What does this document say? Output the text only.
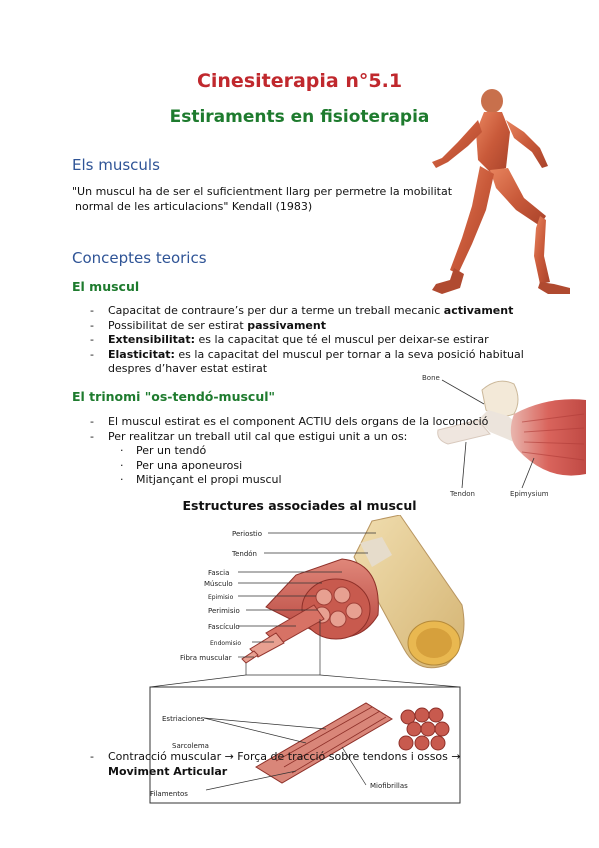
Cinesiterapia n°5.1
Estiraments en fisioterapia
Els musculs
"Un muscul ha de ser el suficientment llarg per permetre la mobilitat
normal de les articulacions" Kendall (1983)
Conceptes teorics
El muscul
- Capacitat de contraure’s per dur a terme un treball mecanic activament
- Possibilitat de ser estirat passivament
- Extensibilitat: es la capacitat que té el muscul per deixar-se estirar
- Elasticitat: es la capacitat del muscul per tornar a la seva posició habitual despres d’haver estat estirat
Bone
Tendon	Epimysium
El trinomi "os-tendó-muscul"
- El muscul estirat es el component ACTIU dels organs de la locomoció
- Per realitzar un treball util cal que estigui unit a un os:
· Per un tendó
· Per una aponeurosi
· Mitjançant el propi muscul
Estructures associades al muscul
Periostio
Tendón
Fascia
Músculo
Epimisio
Perimisio
Fascículo
Endomisio
Fibra muscular
Estriaciones
Sarcolema
Filamentos
Miofibrillas
- Contracció muscular → Força de tracció sobre tendons i ossos →
Moviment Articular
